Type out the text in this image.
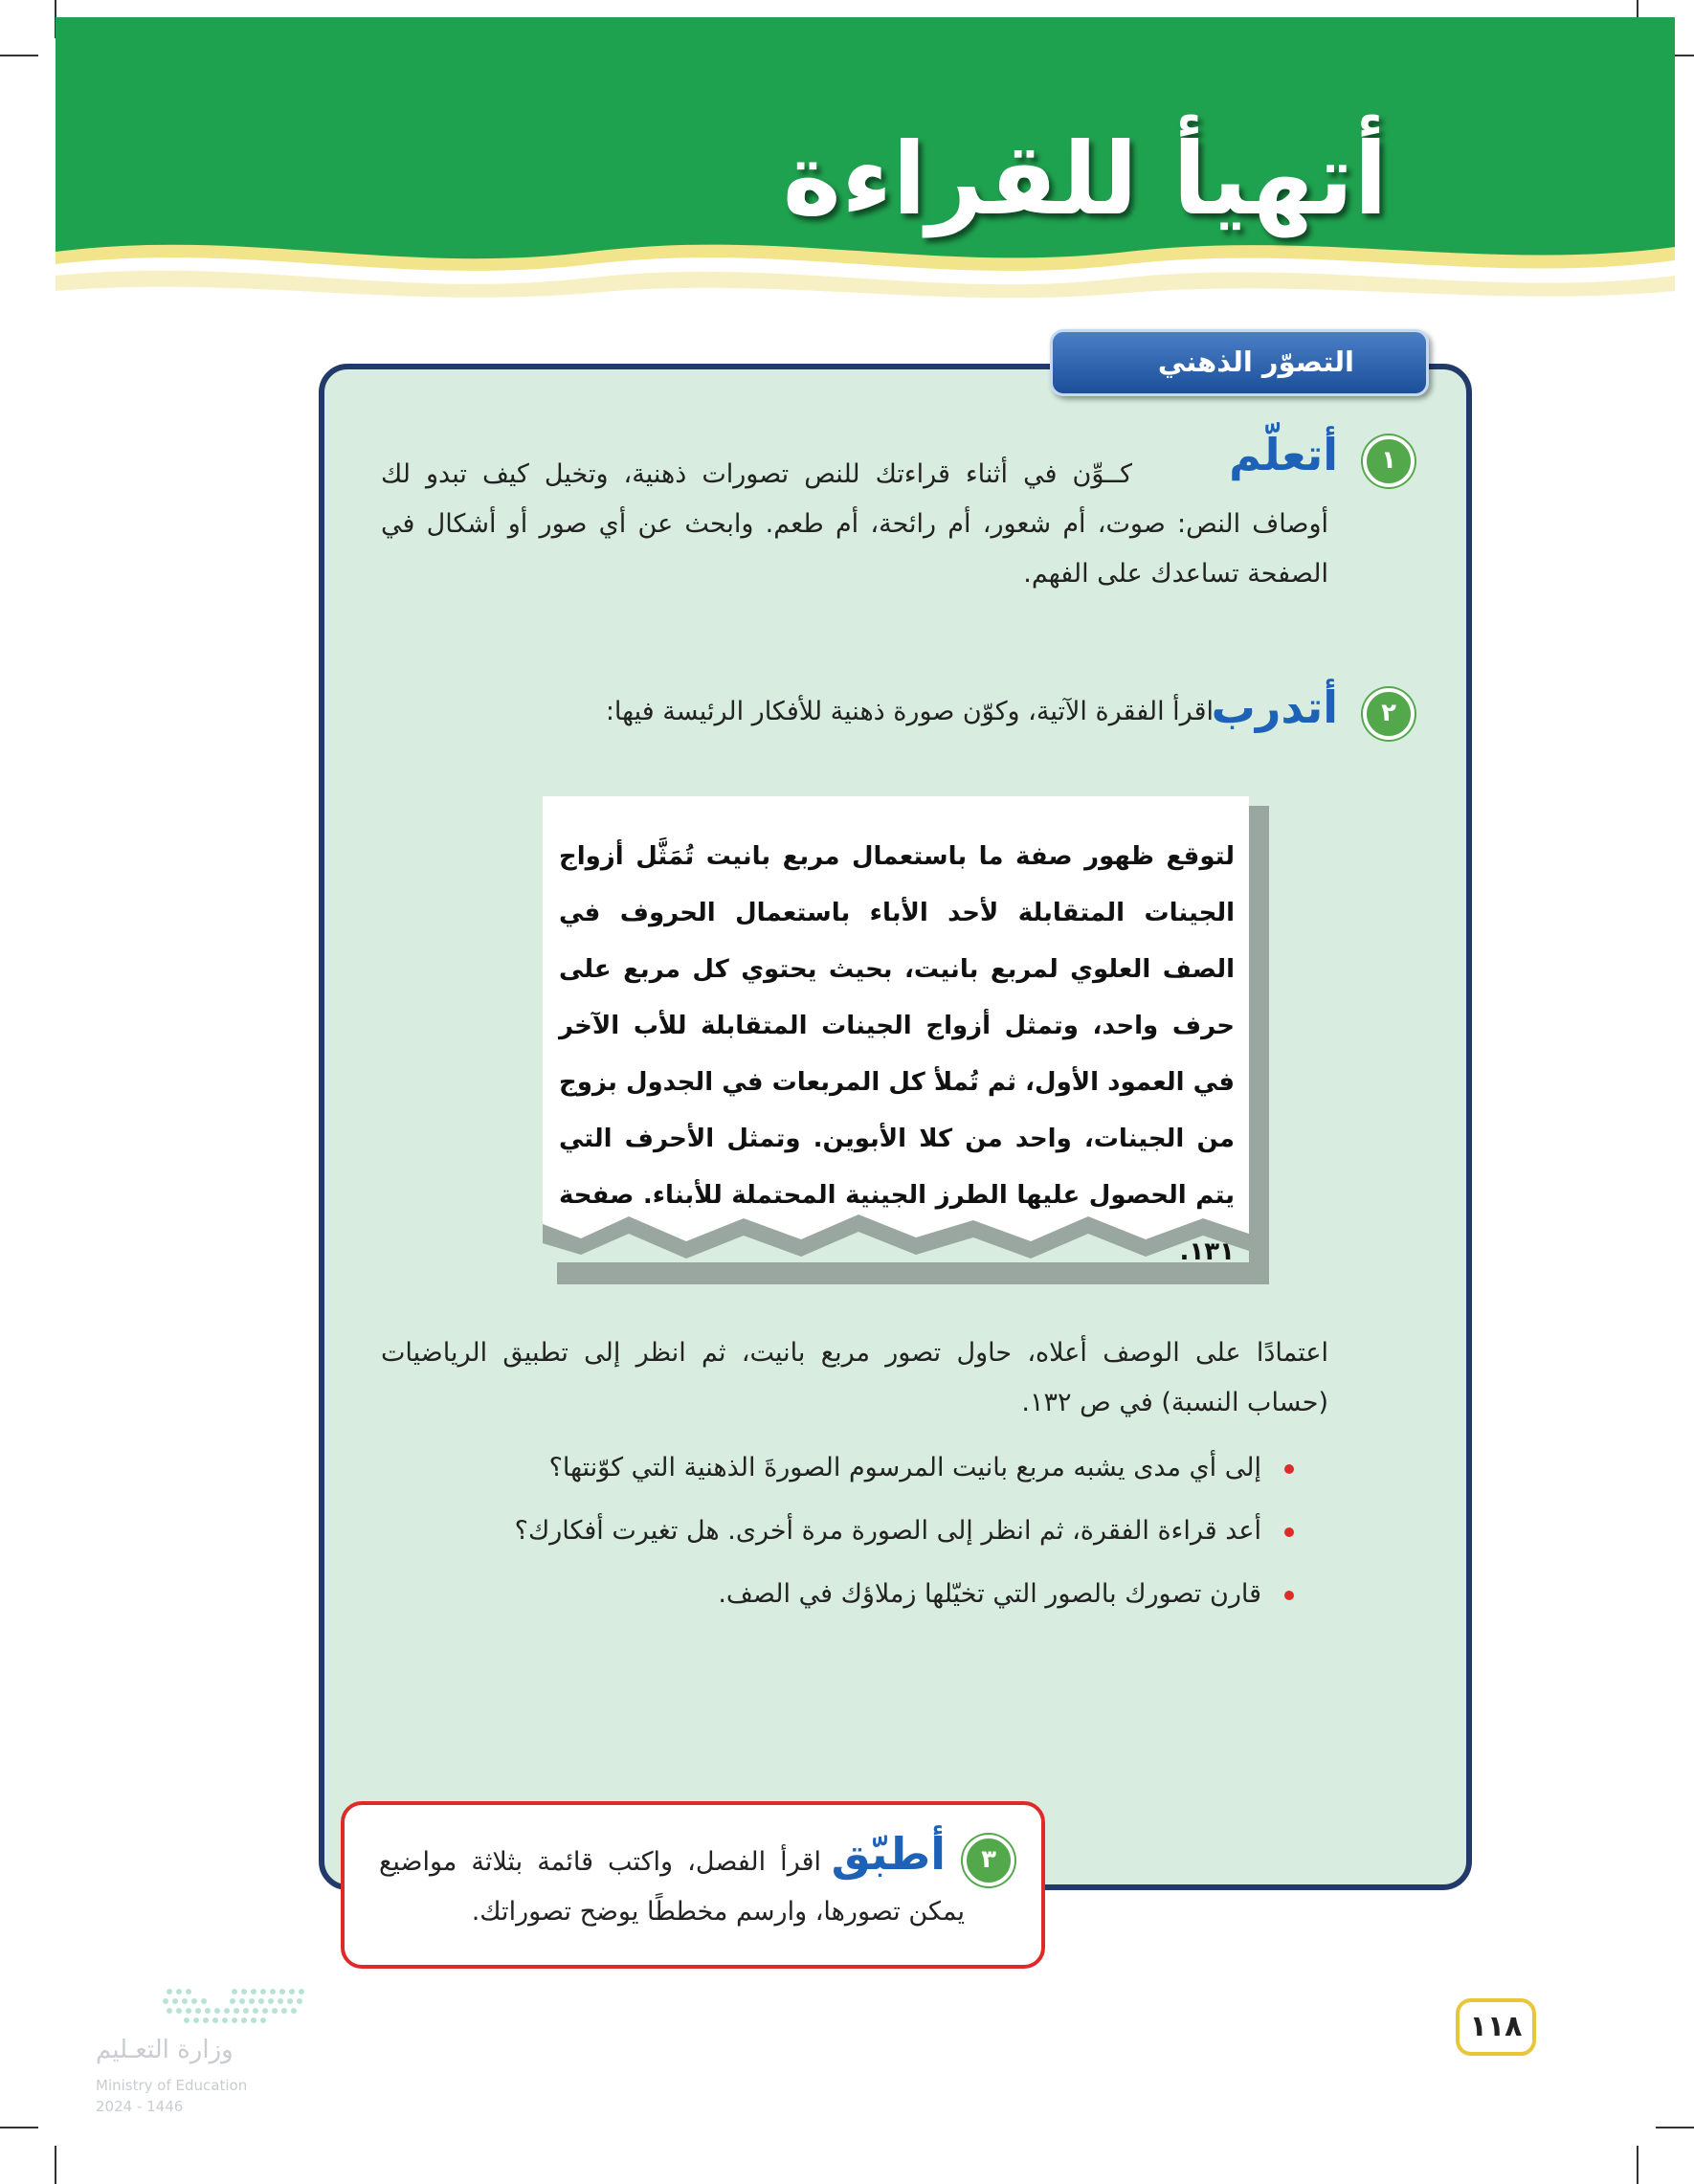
أتهيأ للقراءة
التصوّر الذهني
١
أتعلّم
كــوِّن في أثناء قراءتك للنص تصورات ذهنية، وتخيل كيف تبدو لك أوصاف النص: صوت، أم شعور، أم رائحة، أم طعم. وابحث عن أي صور أو أشكال في الصفحة تساعدك على الفهم.
٢
أتدرب
اقرأ الفقرة الآتية، وكوّن صورة ذهنية للأفكار الرئيسة فيها:
لتوقع ظهور صفة ما باستعمال مربع بانيت تُمَثَّل أزواج الجينات المتقابلة لأحد الأباء باستعمال الحروف في الصف العلوي لمربع بانيت، بحيث يحتوي كل مربع على حرف واحد، وتمثل أزواج الجينات المتقابلة للأب الآخر في العمود الأول، ثم تُملأ كل المربعات في الجدول بزوج من الجينات، واحد من كلا الأبوين. وتمثل الأحرف التي يتم الحصول عليها الطرز الجينية المحتملة للأبناء. صفحة ١٣١.
اعتمادًا على الوصف أعلاه، حاول تصور مربع بانيت، ثم انظر إلى تطبيق الرياضيات (حساب النسبة) في ص ١٣٢.
إلى أي مدى يشبه مربع بانيت المرسوم الصورةَ الذهنية التي كوّنتها؟
أعد قراءة الفقرة، ثم انظر إلى الصورة مرة أخرى. هل تغيرت أفكارك؟
قارن تصورك بالصور التي تخيّلها زملاؤك في الصف.
٣
أطبّق
اقرأ الفصل، واكتب قائمة بثلاثة مواضيع يمكن تصورها، وارسم مخططًا يوضح تصوراتك.
١١٨
وزارة التعـليم
Ministry of Education
2024 - 1446
